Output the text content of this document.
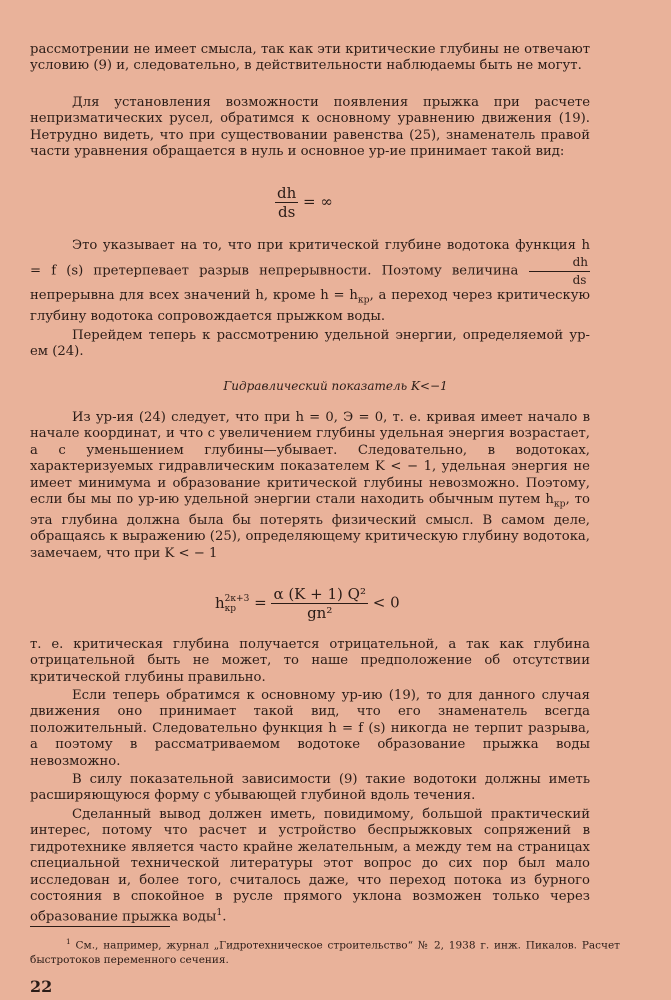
рассмотрении не имеет смысла, так как эти критические глубины не отвечают условию (9) и, следовательно, в действительности наблюдаемы быть не могут.

Для установления возможности появления прыжка при расчете непризматических русел, обратимся к основному уравнению движения (19). Нетрудно видеть, что при существовании равенства (25), знаменатель правой части уравнения обращается в нуль и основное ур-ие принимает такой вид:

$\frac{dh}{ds}$ = ∞

Это указывает на то, что при критической глубине водотока функция h = f (s) претерпевает разрыв непрерывности. Поэтому величина $\frac{dh}{ds}$
непрерывна для всех значений h, кроме $h = h_{кр}$, а переход через критическую глубину водотока сопровождается прыжком воды.

Перейдем теперь к рассмотрению удельной энергии, определяемой ур-ем (24).

Гидравлический показатель K<−1

Из ур-ия (24) следует, что при h = 0, Э = 0, т. е. кривая имеет начало в начале координат, и что с увеличением глубины удельная энергия возрастает, а с уменьшением глубины—убывает. Следовательно, в водотоках, характеризуемых гидравлическим показателем K < − 1, удельная энергия не имеет минимума и образование критической глубины невозможно. Поэтому, если бы мы по ур-ию удельной энергии стали находить обычным путем $h_{кр}$, то эта глубина должна была бы потерять физический смысл. В самом деле, обращаясь к выражению (25), определяющему критическую глубину водотока, замечаем, что при K < − 1

h 2к+3
кр	= $\frac{\text{α (K + 1) Q²}}{\text{gn²}} < 0$

т. е. критическая глубина получается отрицательной, а так как глубина отрицательной быть не может, то наше предположение об отсутствии критической глубины правильно.

Если теперь обратимся к основному ур-ию (19), то для данного случая движения оно принимает такой вид, что его знаменатель всегда положительный. Следовательно функция h = f (s) никогда не терпит разрыва, а поэтому в рассматриваемом водотоке образование прыжка воды невозможно.

В силу показательной зависимости (9) такие водотоки должны иметь расширяющуюся форму с убывающей глубиной вдоль течения.

Сделанный вывод должен иметь, повидимому, большой практический интерес, потому что расчет и устройство беспрыжковых сопряжений в гидротехнике является часто крайне желательным, а между тем на страницах специальной технической литературы этот вопрос до сих пор был мало исследован и, более того, считалось даже, что переход потока из бурного состояния в спокойное в русле прямого уклона возможен только через образование прыжка воды$^1$.

$^1$ См., например, журнал „Гидротехническое строительство“ № 2, 1938 г. инж. Пикалов. Расчет быстротоков переменного сечения.

22
